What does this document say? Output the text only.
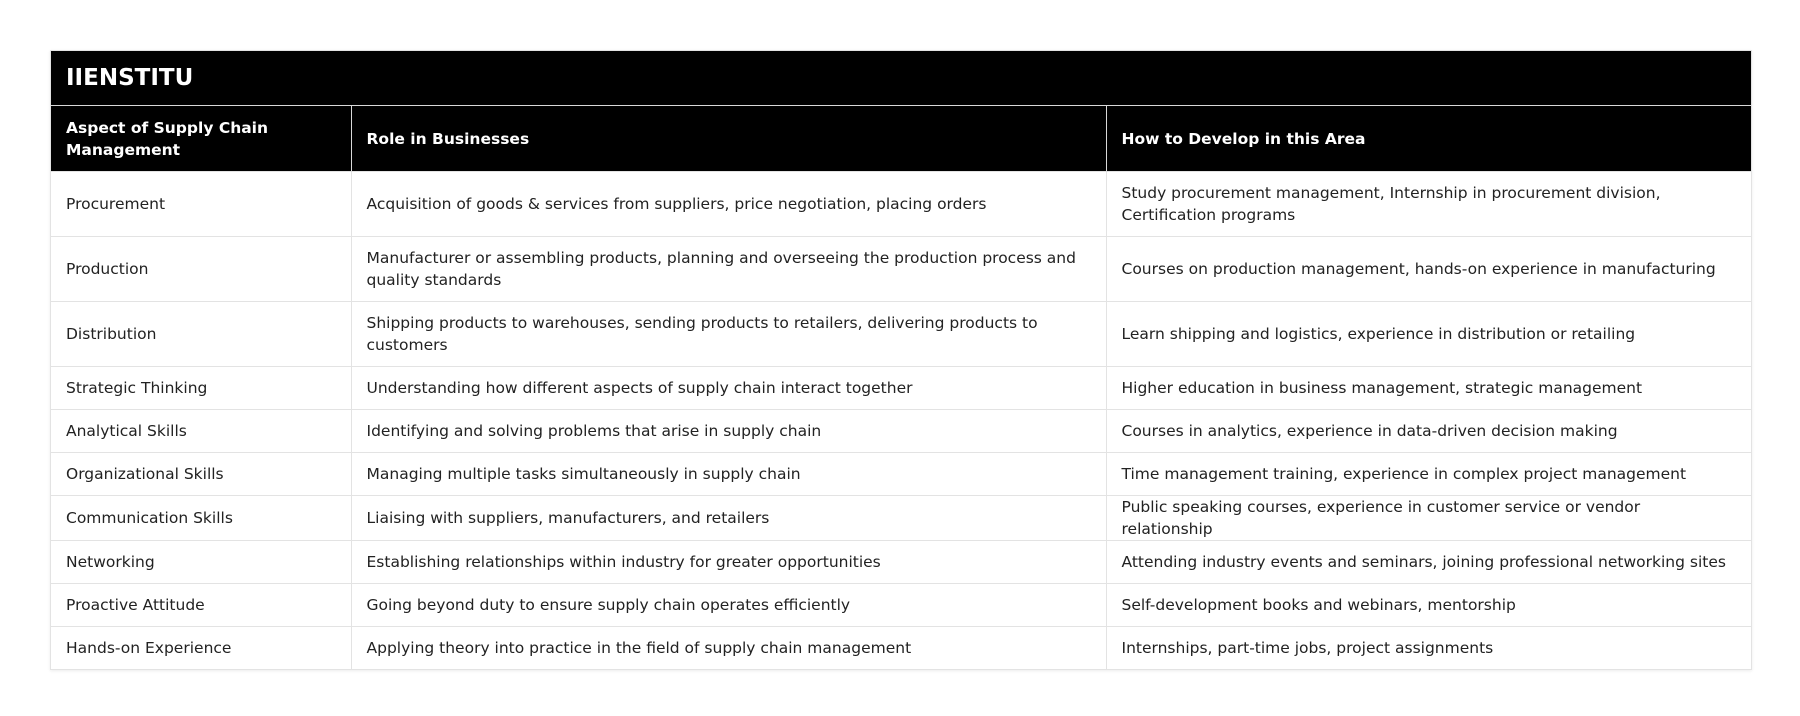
IIENSTITU		
Aspect of Supply Chain Management	Role in Businesses	How to Develop in this Area
Procurement	Acquisition of goods & services from suppliers, price negotiation, placing orders	Study procurement management, Internship in procurement division, Certification programs
Production	Manufacturer or assembling products, planning and overseeing the production process and quality standards	Courses on production management, hands-on experience in manufacturing
Distribution	Shipping products to warehouses, sending products to retailers, delivering products to customers	Learn shipping and logistics, experience in distribution or retailing
Strategic Thinking	Understanding how different aspects of supply chain interact together	Higher education in business management, strategic management
Analytical Skills	Identifying and solving problems that arise in supply chain	Courses in analytics, experience in data-driven decision making
Organizational Skills	Managing multiple tasks simultaneously in supply chain	Time management training, experience in complex project management
Communication Skills	Liaising with suppliers, manufacturers, and retailers	Public speaking courses, experience in customer service or vendor relationship
Networking	Establishing relationships within industry for greater opportunities	Attending industry events and seminars, joining professional networking sites
Proactive Attitude	Going beyond duty to ensure supply chain operates efficiently	Self-development books and webinars, mentorship
Hands-on Experience	Applying theory into practice in the field of supply chain management	Internships, part-time jobs, project assignments
